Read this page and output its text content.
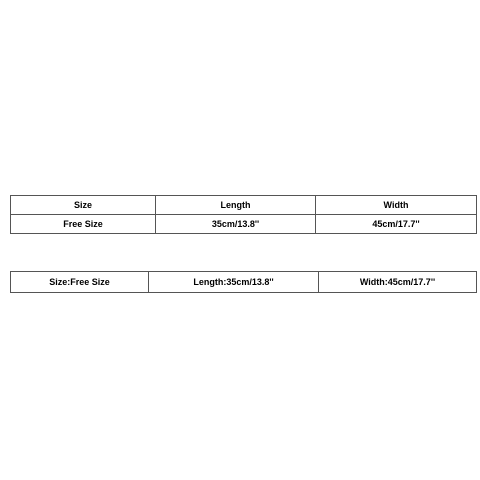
Size	Length	Width
Free Size	35cm/13.8''	45cm/17.7''
Size:Free Size	Length:35cm/13.8''	Width:45cm/17.7''
